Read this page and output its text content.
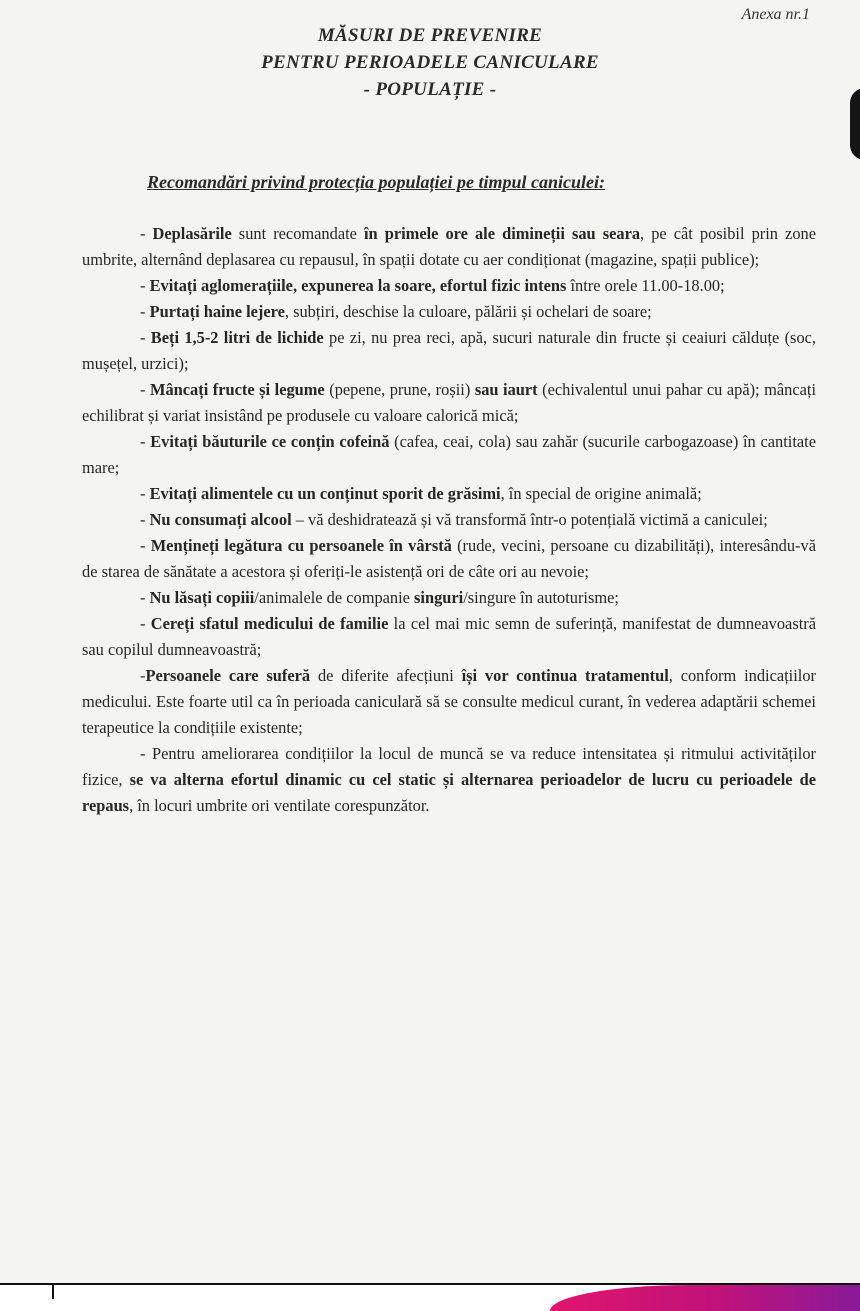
Anexa nr.1
MĂSURI DE PREVENIRE
PENTRU PERIOADELE CANICULARE
- POPULAȚIE -
Recomandări privind protecția populației pe timpul caniculei:

- Deplasările sunt recomandate în primele ore ale dimineții sau seara, pe cât posibil prin zone umbrite, alternând deplasarea cu repausul, în spații dotate cu aer condiționat (magazine, spații publice);

- Evitați aglomerațiile, expunerea la soare, efortul fizic intens între orele 11.00-18.00;

- Purtați haine lejere, subțiri, deschise la culoare, pălării și ochelari de soare;

- Beți 1,5-2 litri de lichide pe zi, nu prea reci, apă, sucuri naturale din fructe și ceaiuri călduțe (soc, mușețel, urzici);

- Mâncați fructe și legume (pepene, prune, roșii) sau iaurt (echivalentul unui pahar cu apă); mâncați echilibrat și variat insistând pe produsele cu valoare calorică mică;

- Evitați băuturile ce conțin cofeină (cafea, ceai, cola) sau zahăr (sucurile carbogazoase) în cantitate mare;

- Evitați alimentele cu un conținut sporit de grăsimi, în special de origine animală;

- Nu consumați alcool – vă deshidratează și vă transformă într-o potențială victimă a caniculei;

- Mențineți legătura cu persoanele în vârstă (rude, vecini, persoane cu dizabilități), interesându-vă de starea de sănătate a acestora și oferiți-le asistență ori de câte ori au nevoie;

- Nu lăsați copiii/animalele de companie singuri/singure în autoturisme;

- Cereți sfatul medicului de familie la cel mai mic semn de suferință, manifestat de dumneavoastră sau copilul dumneavoastră;

-Persoanele care suferă de diferite afecțiuni își vor continua tratamentul, conform indicațiilor medicului. Este foarte util ca în perioada caniculară să se consulte medicul curant, în vederea adaptării schemei terapeutice la condițiile existente;

- Pentru ameliorarea condițiilor la locul de muncă se va reduce intensitatea și ritmului activităților fizice, se va alterna efortul dinamic cu cel static și alternarea perioadelor de lucru cu perioadele de repaus, în locuri umbrite ori ventilate corespunzător.
